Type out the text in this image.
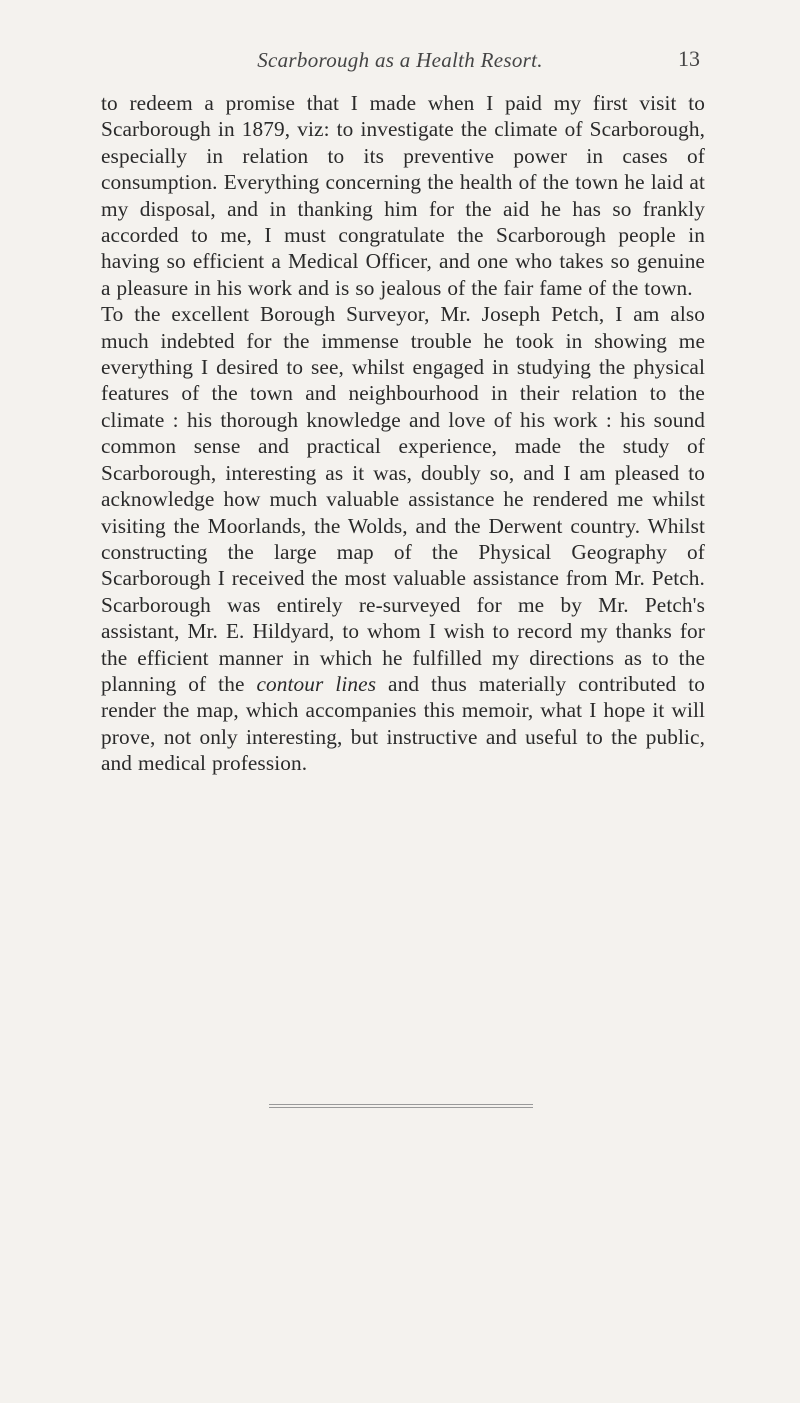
Scarborough as a Health Resort.	13

to redeem a promise that I made when I paid my first visit to Scarborough in 1879, viz: to investigate the climate of Scarborough, especially in relation to its preventive power in cases of consumption. Everything concerning the health of the town he laid at my disposal, and in thanking him for the aid he has so frankly accorded to me, I must congratulate the Scarborough people in having so efficient a Medical Officer, and one who takes so genuine a pleasure in his work and is so jealous of the fair fame of the town.

To the excellent Borough Surveyor, Mr. Joseph Petch, I am also much indebted for the immense trouble he took in showing me everything I desired to see, whilst engaged in studying the physical features of the town and neighbourhood in their relation to the climate : his thorough knowledge and love of his work : his sound common sense and practical experience, made the study of Scarborough, interesting as it was, doubly so, and I am pleased to acknowledge how much valuable assistance he rendered me whilst visiting the Moorlands, the Wolds, and the Derwent country. Whilst constructing the large map of the Physical Geography of Scarborough I received the most valuable assistance from Mr. Petch. Scarborough was entirely re-surveyed for me by Mr. Petch's assistant, Mr. E. Hildyard, to whom I wish to record my thanks for the efficient manner in which he fulfilled my directions as to the planning of the contour lines and thus materially contributed to render the map, which accompanies this memoir, what I hope it will prove, not only interesting, but instructive and useful to the public, and medical profession.
